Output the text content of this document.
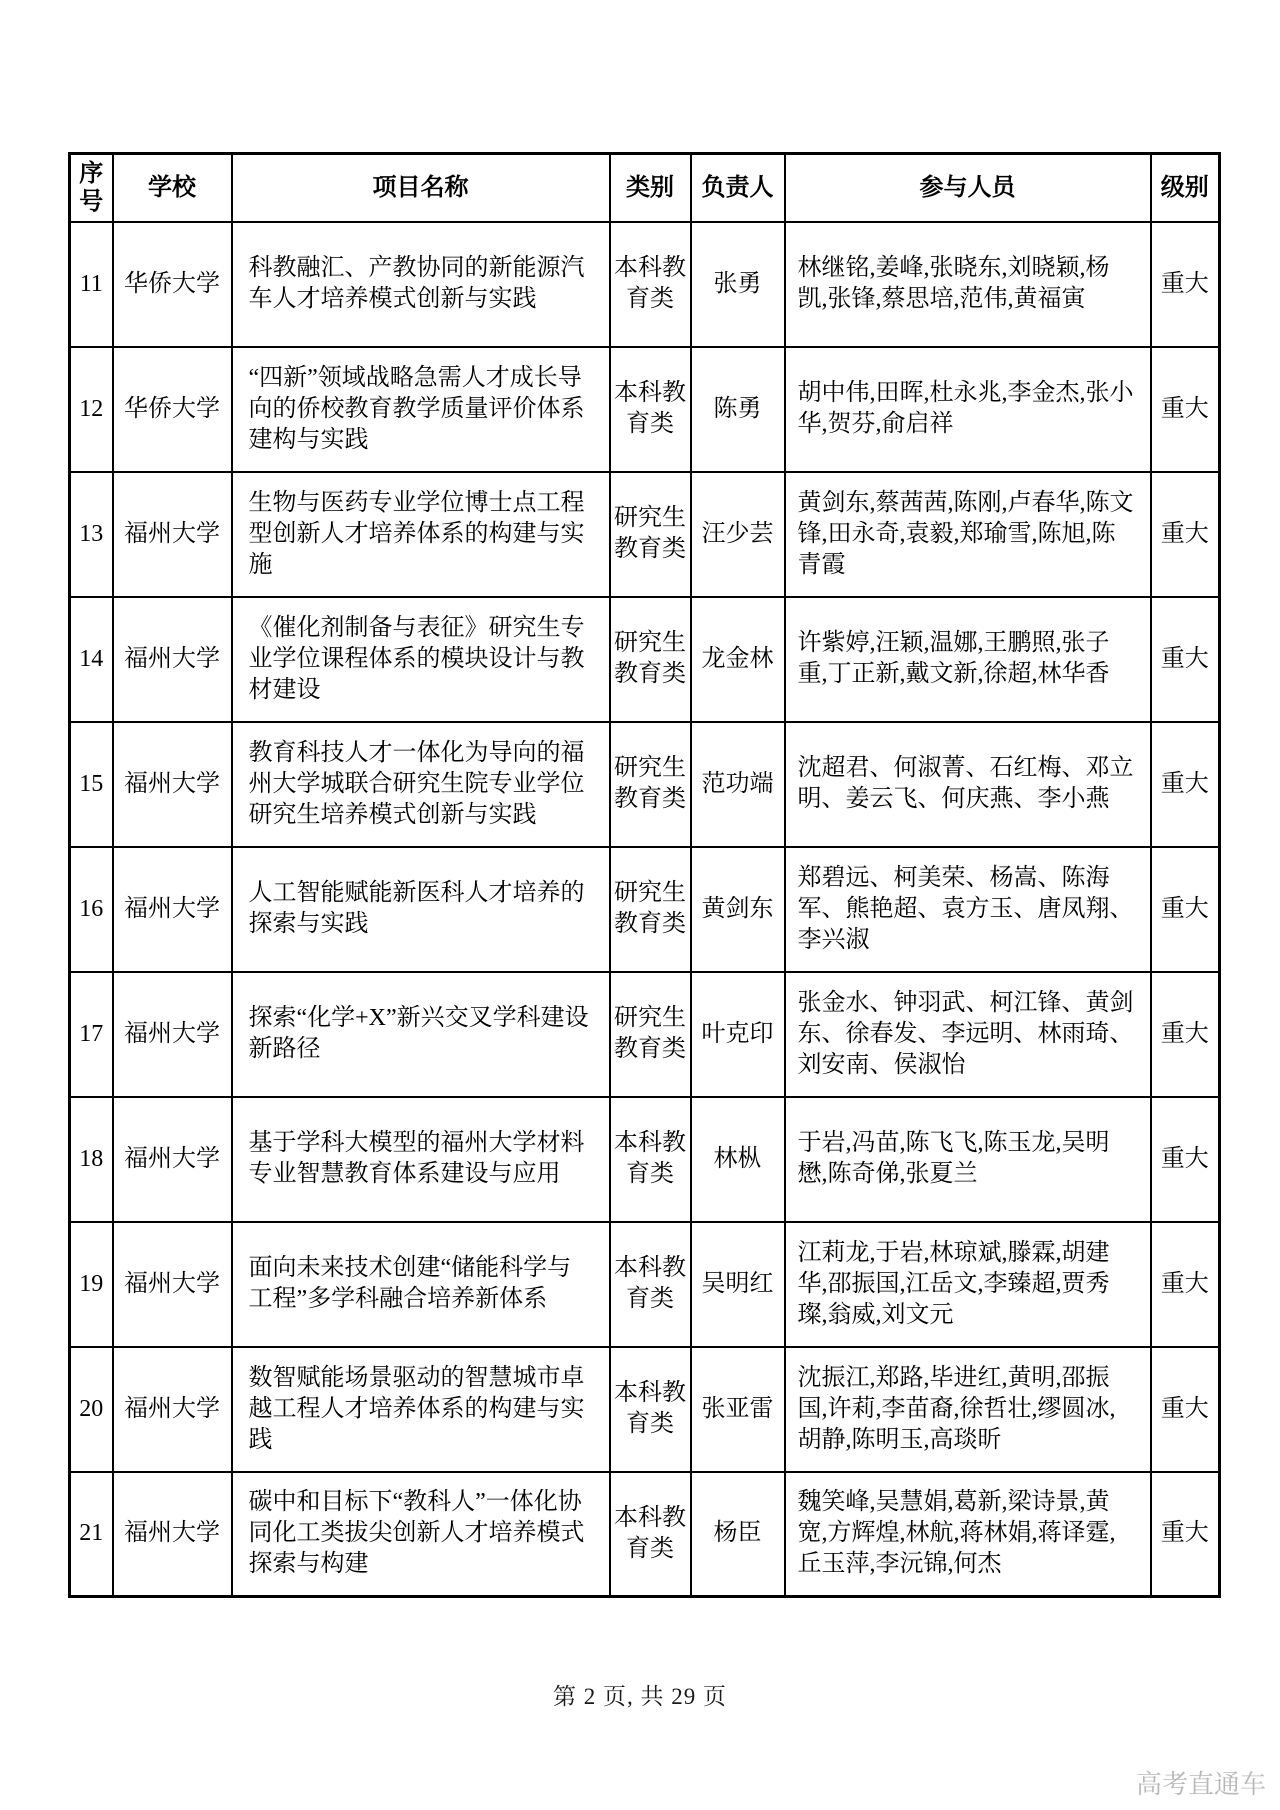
序号	学校	项目名称	类别	负责人	参与人员	级别
11	华侨大学	科教融汇、产教协同的新能源汽车人才培养模式创新与实践	本科教育类	张勇	林继铭,姜峰,张晓东,刘晓颖,杨凯,张锋,蔡思培,范伟,黄福寅	重大
12	华侨大学	“四新”领域战略急需人才成长导向的侨校教育教学质量评价体系建构与实践	本科教育类	陈勇	胡中伟,田晖,杜永兆,李金杰,张小华,贺芬,俞启祥	重大
13	福州大学	生物与医药专业学位博士点工程型创新人才培养体系的构建与实施	研究生教育类	汪少芸	黄剑东,蔡茜茜,陈刚,卢春华,陈文锋,田永奇,袁毅,郑瑜雪,陈旭,陈青霞	重大
14	福州大学	《催化剂制备与表征》研究生专业学位课程体系的模块设计与教材建设	研究生教育类	龙金林	许紫婷,汪颖,温娜,王鹏照,张子重,丁正新,戴文新,徐超,林华香	重大
15	福州大学	教育科技人才一体化为导向的福州大学城联合研究生院专业学位研究生培养模式创新与实践	研究生教育类	范功端	沈超君、何淑菁、石红梅、邓立明、姜云飞、何庆燕、李小燕	重大
16	福州大学	人工智能赋能新医科人才培养的探索与实践	研究生教育类	黄剑东	郑碧远、柯美荣、杨嵩、陈海军、熊艳超、袁方玉、唐凤翔、李兴淑	重大
17	福州大学	探索“化学+X”新兴交叉学科建设新路径	研究生教育类	叶克印	张金水、钟羽武、柯江锋、黄剑东、徐春发、李远明、林雨琦、刘安南、侯淑怡	重大
18	福州大学	基于学科大模型的福州大学材料专业智慧教育体系建设与应用	本科教育类	林枞	于岩,冯苗,陈飞飞,陈玉龙,吴明懋,陈奇俤,张夏兰	重大
19	福州大学	面向未来技术创建“储能科学与工程”多学科融合培养新体系	本科教育类	吴明红	江莉龙,于岩,林琼斌,滕霖,胡建华,邵振国,江岳文,李臻超,贾秀璨,翁威,刘文元	重大
20	福州大学	数智赋能场景驱动的智慧城市卓越工程人才培养体系的构建与实践	本科教育类	张亚雷	沈振江,郑路,毕进红,黄明,邵振国,许莉,李苗裔,徐哲壮,缪圆冰,胡静,陈明玉,高琰昕	重大
21	福州大学	碳中和目标下“教科人”一体化协同化工类拔尖创新人才培养模式探索与构建	本科教育类	杨臣	魏笑峰,吴慧娟,葛新,梁诗景,黄宽,方辉煌,林航,蒋林娟,蒋译霆,丘玉萍,李沅锦,何杰	重大
第 2 页, 共 29 页
高考直通车
